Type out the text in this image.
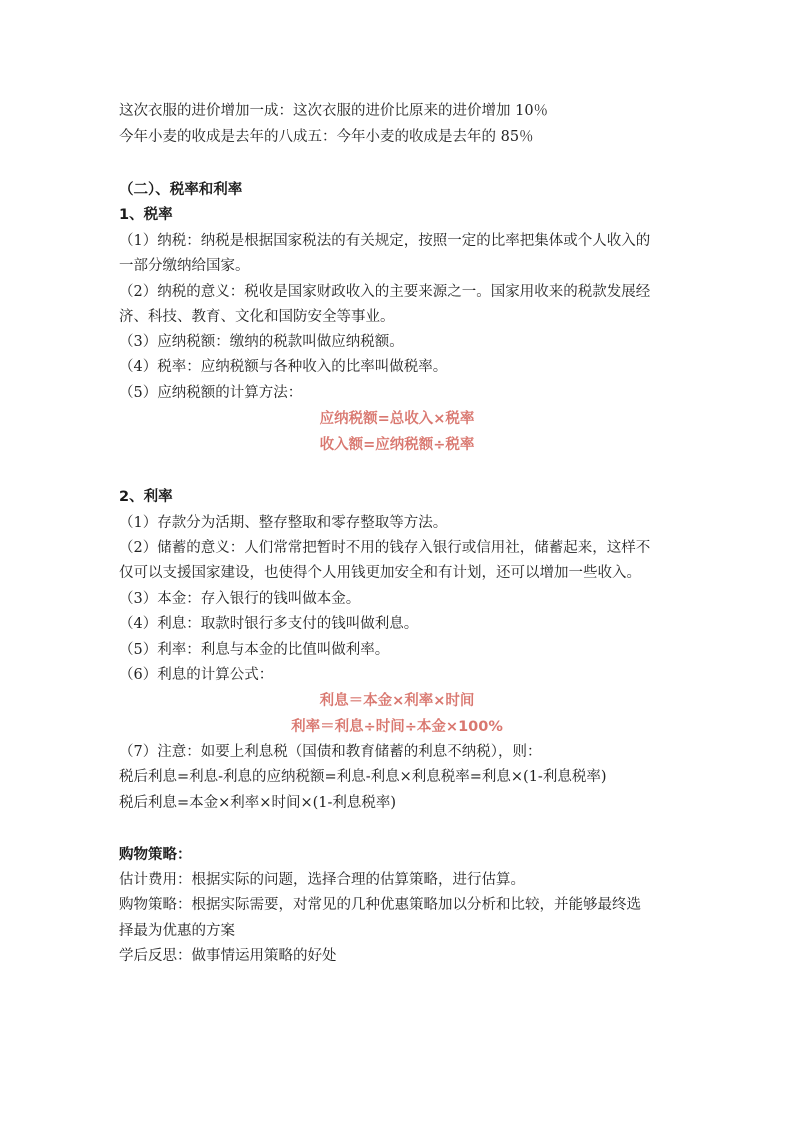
这次衣服的进价增加一成：这次衣服的进价比原来的进价增加 10％
今年小麦的收成是去年的八成五：今年小麦的收成是去年的 85％
（二）、税率和利率
1、税率
（1）纳税：纳税是根据国家税法的有关规定，按照一定的比率把集体或个人收入的
一部分缴纳给国家。
（2）纳税的意义：税收是国家财政收入的主要来源之一。国家用收来的税款发展经
济、科技、教育、文化和国防安全等事业。
（3）应纳税额：缴纳的税款叫做应纳税额。
（4）税率：应纳税额与各种收入的比率叫做税率。
（5）应纳税额的计算方法：
应纳税额=总收入×税率
收入额=应纳税额÷税率
2、利率
（1）存款分为活期、整存整取和零存整取等方法。
（2）储蓄的意义：人们常常把暂时不用的钱存入银行或信用社，储蓄起来，这样不
仅可以支援国家建设，也使得个人用钱更加安全和有计划，还可以增加一些收入。
（3）本金：存入银行的钱叫做本金。
（4）利息：取款时银行多支付的钱叫做利息。
（5）利率：利息与本金的比值叫做利率。
（6）利息的计算公式：
利息＝本金×利率×时间
利率＝利息÷时间÷本金×100%
（7）注意：如要上利息税（国债和教育储蓄的利息不纳税），则：
税后利息=利息-利息的应纳税额=利息-利息×利息税率=利息×(1-利息税率)
税后利息=本金×利率×时间×(1-利息税率)
购物策略：
估计费用：根据实际的问题，选择合理的估算策略，进行估算。
购物策略：根据实际需要，对常见的几种优惠策略加以分析和比较，并能够最终选
择最为优惠的方案
学后反思：做事情运用策略的好处
